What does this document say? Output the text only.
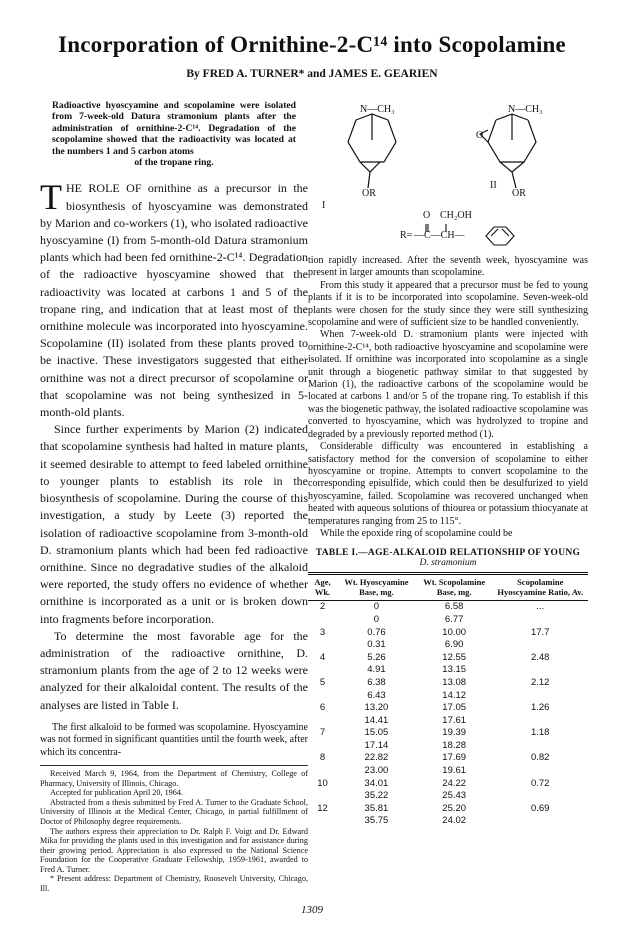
Incorporation of Ornithine-2-C¹⁴ into Scopolamine
By FRED A. TURNER* and JAMES E. GEARIEN
Radioactive hyoscyamine and scopolamine were isolated from 7-week-old Datura stramonium plants after the administration of ornithine-2-C¹⁴. Degradation of the scopolamine showed that the radioactivity was located at the numbers 1 and 5 carbon atoms
of the tropane ring.

THE ROLE OF ornithine as a precursor in the biosynthesis of hyoscyamine was demonstrated by Marion and co-workers (1), who isolated radioactive hyoscyamine (I) from 5-month-old Datura stramonium plants which had been fed ornithine-2-C¹⁴. Degradation of the radioactive hyoscyamine showed that the radioactivity was located at carbons 1 and 5 of the tropane ring, and indication that at least most of the ornithine molecule was incorporated into hyoscyamine. Scopolamine (II) isolated from these plants proved to be inactive. These investigators suggested that either ornithine was not a direct precursor of scopolamine or that scopolamine was not being synthesized in 5-month-old plants.

Since further experiments by Marion (2) indicated that scopolamine synthesis had halted in mature plants, it seemed desirable to attempt to feed labeled ornithine to younger plants to establish its role in the biosynthesis of scopolamine. During the course of this investigation, a study by Leete (3) reported the isolation of radioactive scopolamine from 3-month-old D. stramonium plants which had been fed radioactive ornithine. Since no degradative studies of the alkaloid were reported, the study offers no evidence of whether ornithine is incorporated as a unit or is broken down into fragments before incorporation.

To determine the most favorable age for the administration of the radioactive ornithine, D. stramonium plants from the age of 2 to 12 weeks were analyzed for their alkaloidal content. The results of the analyses are listed in Table I.

The first alkaloid to be formed was scopolamine. Hyoscyamine was not formed in significant quantities until the fourth week, after which its concentra-

Received March 9, 1964, from the Department of Chemistry, College of Pharmacy, University of Illinois, Chicago.

Accepted for publication April 20, 1964.

Abstracted from a thesis submitted by Fred A. Turner to the Graduate School, University of Illinois at the Medical Center, Chicago, in partial fulfillment of Doctor of Philosophy degree requirements.

The authors express their appreciation to Dr. Ralph F. Voigt and Dr. Edward Mika for providing the plants used in this investigation and for assistance during their growing period. Appreciation is also expressed to the National Science Foundation for the Cooperative Graduate Fellowship, 1959-1961, awarded to Fred A. Turner.

* Present address: Department of Chemistry, Roosevelt University, Chicago, Ill.

N—CH₃
OR
I
N—CH₃
O
II
OR
R=
O CH₂OH
—C—CH—

tion rapidly increased. After the seventh week, hyoscyamine was present in larger amounts than scopolamine.

From this study it appeared that a precursor must be fed to young plants if it is to be incorporated into scopolamine. Seven-week-old plants were chosen for the study since they were still synthesizing scopolamine and were of sufficient size to be handled conveniently.

When 7-week-old D. stramonium plants were injected with ornithine-2-C¹⁴, both radioactive hyoscyamine and scopolamine were isolated. If ornithine was incorporated into scopolamine as a single unit through a biogenetic pathway similar to that suggested by Marion (1), the radioactive carbons of the scopolamine would be located at carbons 1 and/or 5 of the tropane ring. To establish if this was the biogenetic pathway, the isolated radioactive scopolamine was converted to hyoscyamine, which was hydrolyzed to tropine and degraded by a previously reported method (1).

Considerable difficulty was encountered in establishing a satisfactory method for the conversion of scopolamine to either hyoscyamine or tropine. Attempts to convert scopolamine to the corresponding episulfide, which could then be desulfurized to yield hyoscyamine, failed. Scopolamine was recovered unchanged when heated with aqueous solutions of thiourea or potassium thiocyanate at temperatures ranging from 25 to 115°.

While the epoxide ring of scopolamine could be

TABLE I.—AGE-ALKALOID RELATIONSHIP OF YOUNG
D. stramonium
Age, Wk.	Wt. Hyoscyamine Base, mg.	Wt. Scopolamine Base, mg.	Scopolamine Hyoscyamine Ratio, Av.
2	0	6.58	...
	0	6.77	
3	0.76	10.00	17.7
	0.31	6.90	
4	5.26	12.55	2.48
	4.91	13.15	
5	6.38	13.08	2.12
	6.43	14.12	
6	13.20	17.05	1.26
	14.41	17.61	
7	15.05	19.39	1.18
	17.14	18.28	
8	22.82	17.69	0.82
	23.00	19.61	
10	34.01	24.22	0.72
	35.22	25.43	
12	35.81	25.20	0.69
	35.75	24.02	
1309
